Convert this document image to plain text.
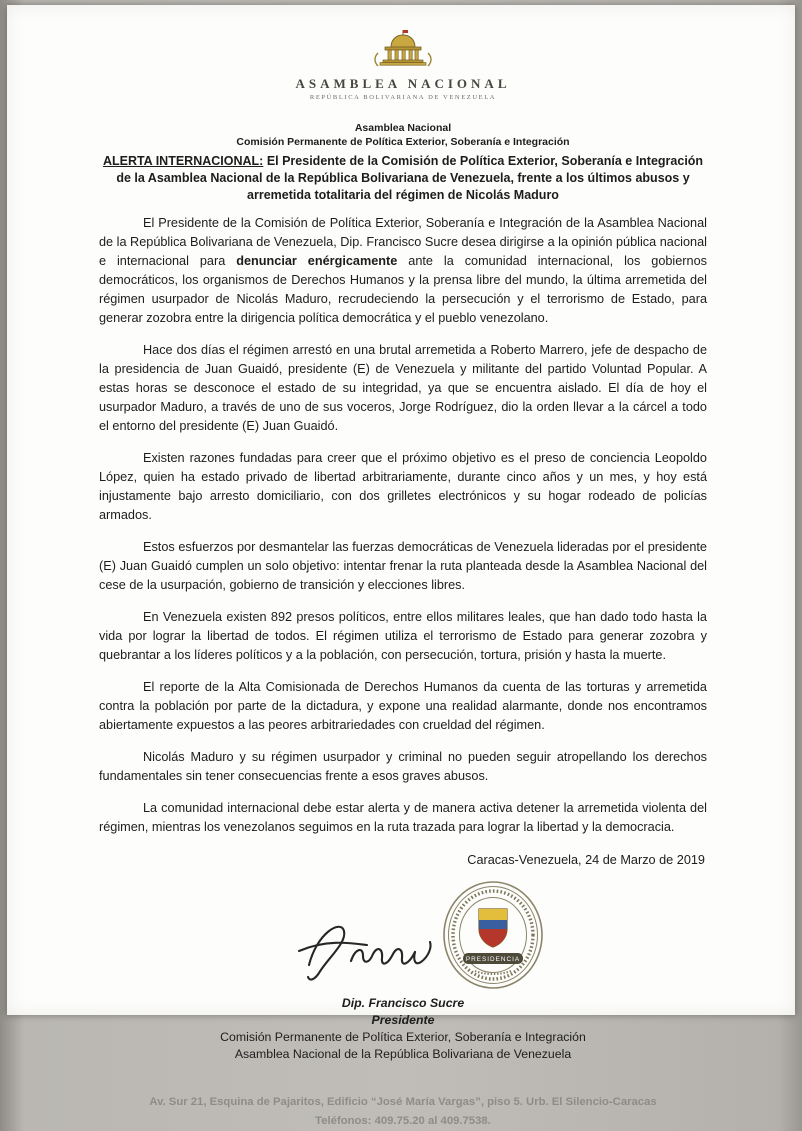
ASAMBLEA NACIONAL
REPÚBLICA BOLIVARIANA DE VENEZUELA
Asamblea Nacional
Comisión Permanente de Política Exterior, Soberanía e Integración

ALERTA INTERNACIONAL: El Presidente de la Comisión de Política Exterior, Soberanía e Integración de la Asamblea Nacional de la República Bolivariana de Venezuela, frente a los últimos abusos y arremetida totalitaria del régimen de Nicolás Maduro

El Presidente de la Comisión de Política Exterior, Soberanía e Integración de la Asamblea Nacional de la República Bolivariana de Venezuela, Dip. Francisco Sucre desea dirigirse a la opinión pública nacional e internacional para denunciar enérgicamente ante la comunidad internacional, los gobiernos democráticos, los organismos de Derechos Humanos y la prensa libre del mundo, la última arremetida del régimen usurpador de Nicolás Maduro, recrudeciendo la persecución y el terrorismo de Estado, para generar zozobra entre la dirigencia política democrática y el pueblo venezolano.

Hace dos días el régimen arrestó en una brutal arremetida a Roberto Marrero, jefe de despacho de la presidencia de Juan Guaidó, presidente (E) de Venezuela y militante del partido Voluntad Popular. A estas horas se desconoce el estado de su integridad, ya que se encuentra aislado. El día de hoy el usurpador Maduro, a través de uno de sus voceros, Jorge Rodríguez, dio la orden llevar a la cárcel a todo el entorno del presidente (E) Juan Guaidó.

Existen razones fundadas para creer que el próximo objetivo es el preso de conciencia Leopoldo López, quien ha estado privado de libertad arbitrariamente, durante cinco años y un mes, y hoy está injustamente bajo arresto domiciliario, con dos grilletes electrónicos y su hogar rodeado de policías armados.

Estos esfuerzos por desmantelar las fuerzas democráticas de Venezuela lideradas por el presidente (E) Juan Guaidó cumplen un solo objetivo: intentar frenar la ruta planteada desde la Asamblea Nacional del cese de la usurpación, gobierno de transición y elecciones libres.

En Venezuela existen 892 presos políticos, entre ellos militares leales, que han dado todo hasta la vida por lograr la libertad de todos. El régimen utiliza el terrorismo de Estado para generar zozobra y quebrantar a los líderes políticos y a la población, con persecución, tortura, prisión y hasta la muerte.

El reporte de la Alta Comisionada de Derechos Humanos da cuenta de las torturas y arremetida contra la población por parte de la dictadura, y expone una realidad alarmante, donde nos encontramos abiertamente expuestos a las peores arbitrariedades con crueldad del régimen.

Nicolás Maduro y su régimen usurpador y criminal no pueden seguir atropellando los derechos fundamentales sin tener consecuencias frente a esos graves abusos.

La comunidad internacional debe estar alerta y de manera activa detener la arremetida violenta del régimen, mientras los venezolanos seguimos en la ruta trazada para lograr la libertad y la democracia.

Caracas-Venezuela, 24 de Marzo de 2019

PRESIDENCIA
Dip. Francisco Sucre
Presidente
Comisión Permanente de Política Exterior, Soberanía e Integración
Asamblea Nacional de la República Bolivariana de Venezuela
Av. Sur 21, Esquina de Pajaritos, Edificio “José María Vargas”, piso 5. Urb. El Silencio-Caracas
Teléfonos: 409.75.20 al 409.7538.
